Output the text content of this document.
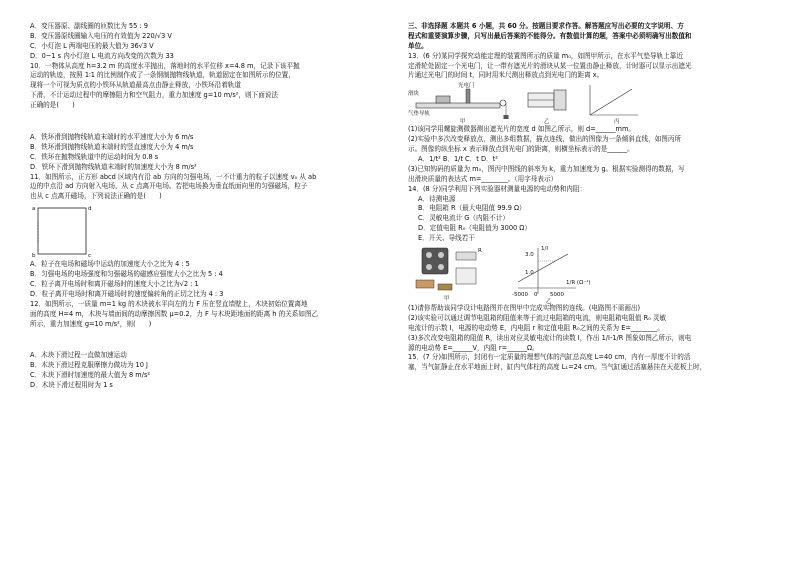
A．变压器原、副线圈的匝数比为 55 : 9

B．变压器原线圈输入电压的有效值为 220/√3 V

C．小灯泡 L 两端电压的最大值为 36√3 V

D．0~1 s 内小灯泡 L 电流方向改变的次数为 33

10．一物体从高度 h=3.2 m 的高度水平抛出，落地时的水平位移 x=4.8 m，记录下该平抛

运动的轨迹，按照 1∶1 的比例制作成了一条钢制抛物线轨道，轨道固定在如图所示的位置，

现将一个可视为质点的小铁环从轨道最高点由静止释放，小铁环沿着轨道

下滑，不计运动过程中的摩擦阻力和空气阻力，重力加速度 g=10 m/s²，则下面说法

正确的是(　　)

A．铁环滑到抛物线轨道末端时的水平速度大小为 6 m/s

B．铁环滑到抛物线轨道末端时的竖直速度大小为 4 m/s

C．铁环在抛物线轨道中的运动时间为 0.8 s

D．铁环下滑到抛物线轨道末端时的加速度大小为 8 m/s²

11．如图所示，正方形 abcd 区域内有沿 ab 方向的匀强电场，一不计重力的粒子以速度 v₀ 从 ab

边的中点沿 ad 方向射入电场，从 c 点离开电场。若把电场换为垂直纸面向里的匀强磁场，粒子

也从 c 点离开磁场，下列说法正确的是(　　)

a
b	c
d

A．粒子在电场和磁场中运动的加速度大小之比为 4 : 5

B．匀强电场的电场强度和匀强磁场的磁感应强度大小之比为 5 : 4

C．粒子离开电场时和离开磁场时的速度大小之比为√2 : 1

D．粒子离开电场时和离开磁场时的速度偏转角的正切之比为 4 : 3

12．如图所示，一质量 m=1 kg 的木块被水平向左的力 F 压在竖直墙壁上，木块初始位置离地

面的高度 H=4 m，木块与墙面间的动摩擦因数 μ=0.2，力 F 与木块距地面的距离 h 的关系如图乙

所示，重力加速度 g=10 m/s²，则(　　)

A．木块下滑过程一直做加速运动

B．木块下滑过程克服摩擦力做功为 10 J

C．木块下滑时加速度的最大值为 8 m/s²

D．木块下滑过程用时为 1 s

三、非选择题 本题共 6 小题，共 60 分。按题目要求作答。解答题应写出必要的文字说明、方

程式和重要演算步骤，只写出最后答案的不能得分。有数值计算的题，答案中必须明确写出数值和

单位。

13．(6 分)某同学探究动能定理的装置图所示的质量 m₀，如图甲所示，在水平气垫导轨上靠近

定滑轮处固定一个光电门，让一带有遮光片的滑块从某一位置由静止释放，计时器可以显示出遮光

片通过光电门的时间 t，同时用米尺测出释放点到光电门的距离 x。

滑块
光电门
气垫导轨
甲	乙	丙

(1)该同学用螺旋测微器测出遮光片的宽度 d 如图乙所示，则 d=______mm。

(2)实验中多次改变释放点，测出多组数据，描点连线，做出的图像为一条倾斜直线，如图丙所

示。图像的纵坐标 x 表示释放点到光电门的距离，则横坐标表示的是______。

A．1/t² B．1/t C．t D．t²

(3)已知钩码的质量为 m₀，图丙中图线的斜率为 k，重力加速度为 g。根据实验测得的数据，写

出滑块质量的表达式 m=________。（用字母表示）

14．(8 分)同学利用下列实验器材测量电源的电动势和内阻：

A．待测电源

B．电阻箱 R（最大电阻值 99.9 Ω）

C．灵敏电流计 G（内阻不计）

D．定值电阻 R₀（电阻值为 3000 Ω）

E．开关、导线若干

R
甲
3.0
1.0
0
-5000	5000
1/R (Ω⁻¹)
1/I
乙

(1)请你帮助该同学设计电路图并在图甲中完成实物图的连线。(电路图不需画出)

(2)该实验可以通过调节电阻箱的阻值来等于流过电阻箱的电流，则电阻箱电阻值 R₀ 灵敏

电流计的示数 I，电源的电动势 E，内电阻 r 和定值电阻 R₀之间的关系为 E=________。

(3)多次改变电阻箱的阻值 R，读出对应灵敏电流计的读数 I，作出 1/I-1/R 图象如图乙所示，则电

源的电动势 E=______V，内阻 r=______Ω。

15．(7 分)如图所示，封闭有一定质量的理想气体的汽缸总高度 L=40 cm，内有一厚度不计的活

塞，当气缸静止在水平地面上时，缸内气体柱的高度 L₁=24 cm。当气缸通过活塞悬挂在天花板上时，
